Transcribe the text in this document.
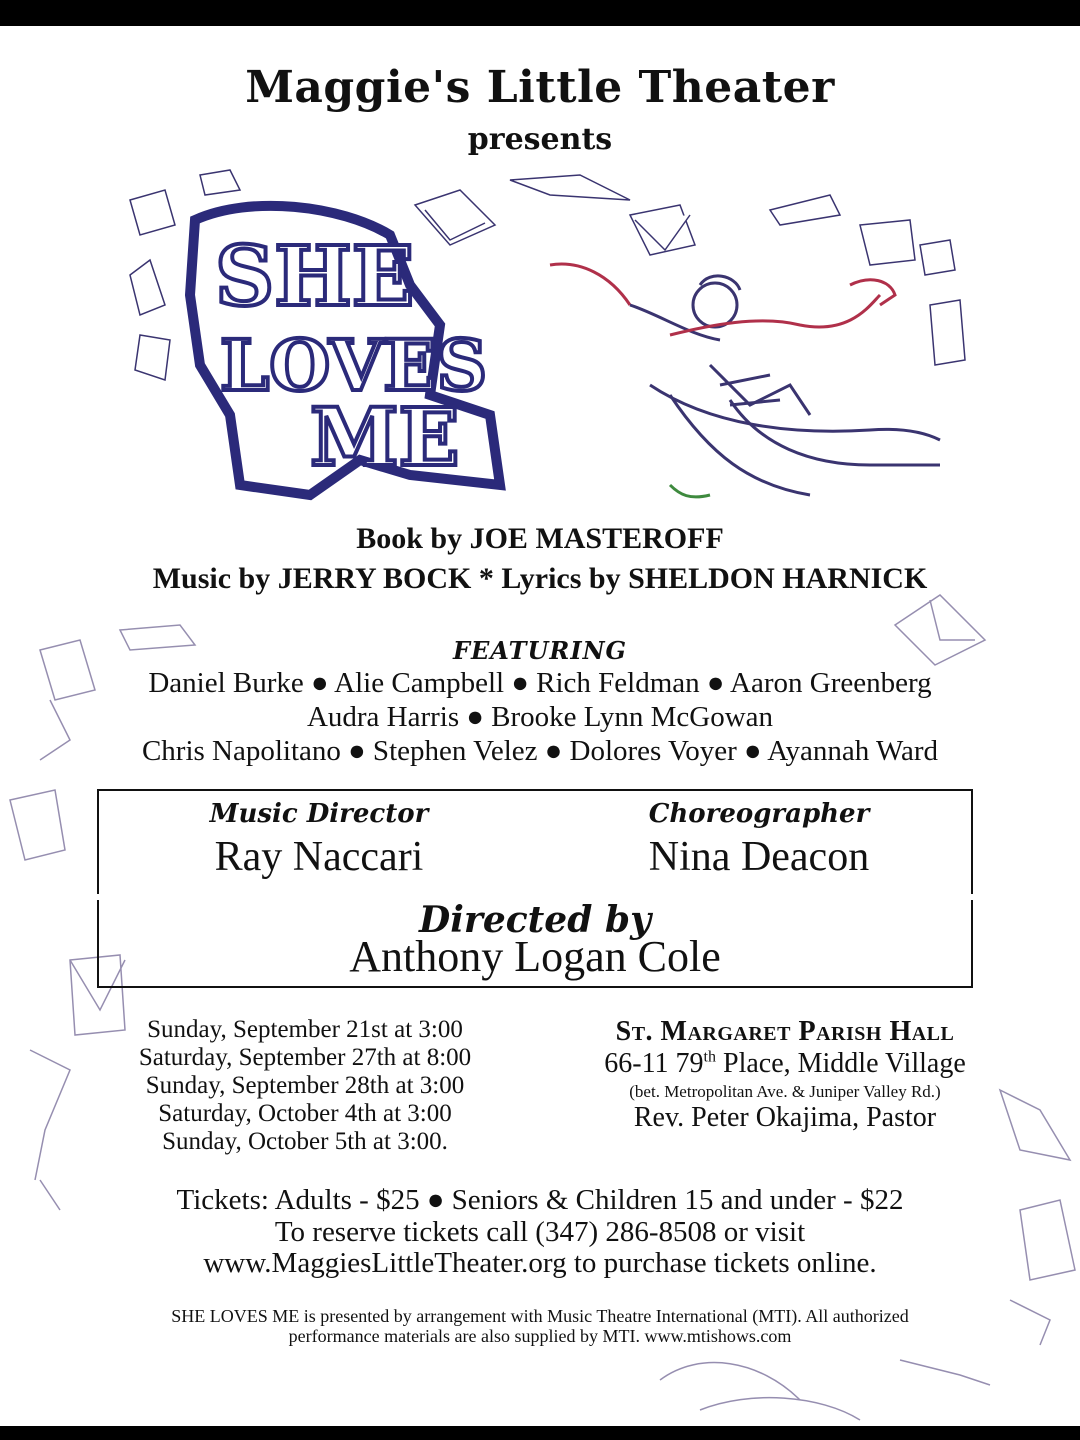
Maggie's Little Theater
presents
SHE
LOVES
ME
Book by JOE MASTEROFF
Music by JERRY BOCK * Lyrics by SHELDON HARNICK
FEATURING
Daniel Burke ● Alie Campbell ● Rich Feldman ● Aaron Greenberg
Audra Harris ● Brooke Lynn McGowan
Chris Napolitano ● Stephen Velez ● Dolores Voyer ● Ayannah Ward
Music Director
Ray Naccari
Choreographer
Nina Deacon
Directed by
Anthony Logan Cole
Sunday, September 21st at 3:00
Saturday, September 27th at 8:00
Sunday, September 28th at 3:00
Saturday, October 4th at 3:00
Sunday, October 5th at 3:00.
St. Margaret Parish Hall
66-11 79th Place, Middle Village
(bet. Metropolitan Ave. & Juniper Valley Rd.)
Rev. Peter Okajima, Pastor
Tickets: Adults - $25 ● Seniors & Children 15 and under - $22
To reserve tickets call (347) 286-8508 or visit
www.MaggiesLittleTheater.org to purchase tickets online.
SHE LOVES ME is presented by arrangement with Music Theatre International (MTI). All authorized
performance materials are also supplied by MTI. www.mtishows.com
